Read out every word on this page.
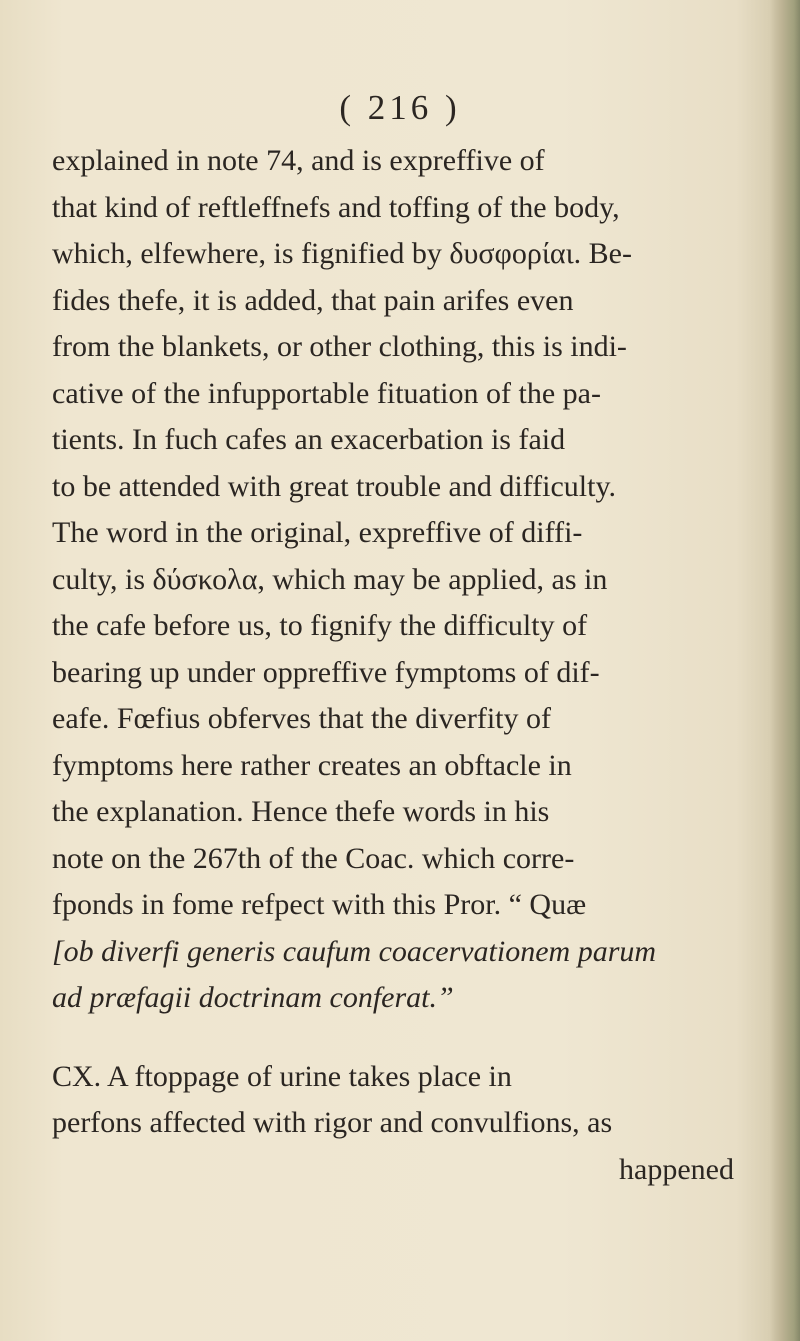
( 216 )
explained in note 74, and is expreffive of
that kind of reftleffnefs and toffing of the body,
which, elfewhere, is fignified by δυσφορίαι. Be-
fides thefe, it is added, that pain arifes even
from the blankets, or other clothing, this is indi-
cative of the infupportable fituation of the pa-
tients. In fuch cafes an exacerbation is faid
to be attended with great trouble and difficulty.
The word in the original, expreffive of diffi-
culty, is δύσκολα, which may be applied, as in
the cafe before us, to fignify the difficulty of
bearing up under oppreffive fymptoms of dif-
eafe. Fœfius obferves that the diverfity of
fymptoms here rather creates an obftacle in
the explanation. Hence thefe words in his
note on the 267th of the Coac. which corre-
fponds in fome refpect with this Pror. “ Quæ
[ob diverfi generis caufum coacervationem parum
ad præfagii doctrinam conferat.”
CX. A ftoppage of urine takes place in
perfons affected with rigor and convulfions, as
happened
